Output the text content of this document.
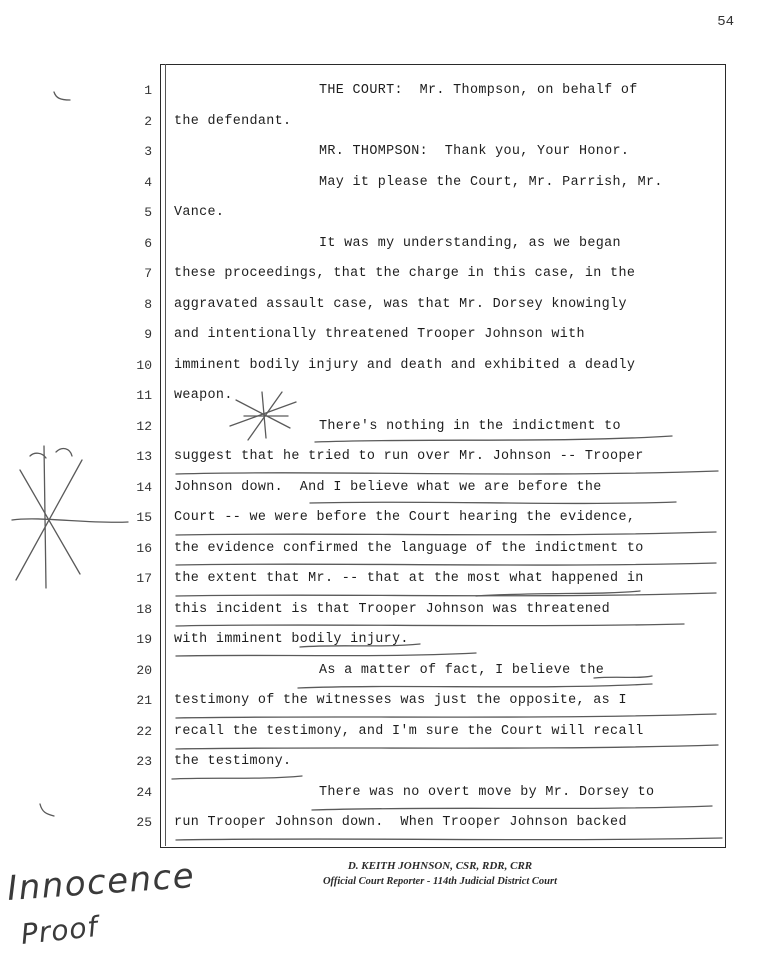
54
1
2
3
4
5
6
7
8
9
10
11
12
13
14
15
16
17
18
19
20
21
22
23
24
25
THE COURT:  Mr. Thompson, on behalf of
the defendant.
MR. THOMPSON:  Thank you, Your Honor.
May it please the Court, Mr. Parrish, Mr.
Vance.
It was my understanding, as we began
these proceedings, that the charge in this case, in the
aggravated assault case, was that Mr. Dorsey knowingly
and intentionally threatened Trooper Johnson with
imminent bodily injury and death and exhibited a deadly
weapon.
There's nothing in the indictment to
suggest that he tried to run over Mr. Johnson -- Trooper
Johnson down.  And I believe what we are before the
Court -- we were before the Court hearing the evidence,
the evidence confirmed the language of the indictment to
the extent that Mr. -- that at the most what happened in
this incident is that Trooper Johnson was threatened
with imminent bodily injury.
As a matter of fact, I believe the
testimony of the witnesses was just the opposite, as I
recall the testimony, and I'm sure the Court will recall
the testimony.
There was no overt move by Mr. Dorsey to
run Trooper Johnson down.  When Trooper Johnson backed
D. KEITH JOHNSON, CSR, RDR, CRR
Official Court Reporter - 114th Judicial District Court
Innocence
Proof
